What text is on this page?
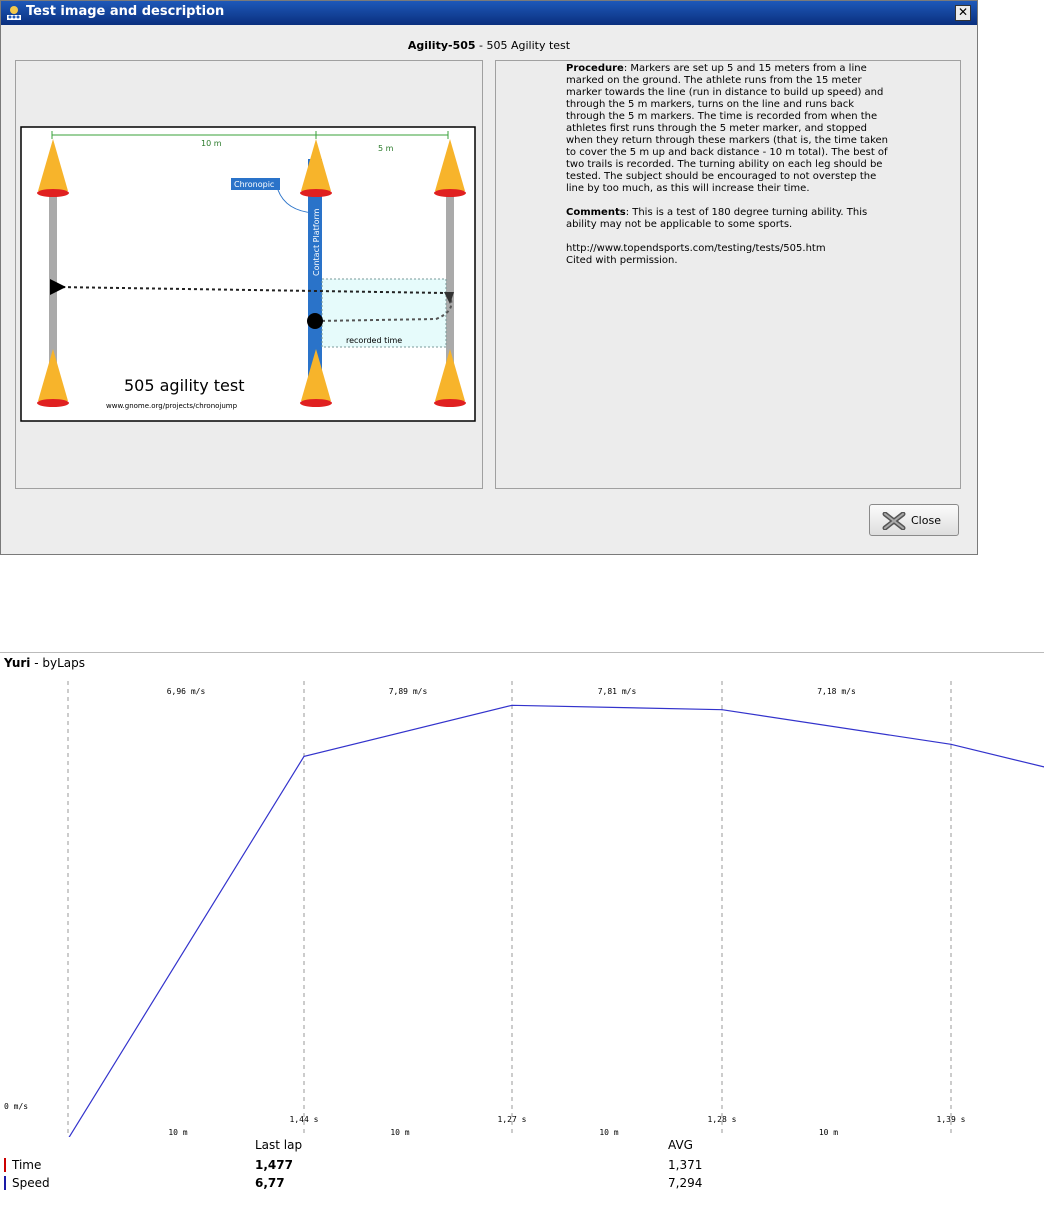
Test image and description	✕
Agility-505 - 505 Agility test
10 m
5 m
Contact Platform
recorded time
Chronopic
505 agility test
www.gnome.org/projects/chronojump

Procedure: Markers are set up 5 and 15 meters from a line marked on the ground. The athlete runs from the 15 meter marker towards the line (run in distance to build up speed) and through the 5 m markers, turns on the line and runs back through the 5 m markers. The time is recorded from when the athletes first runs through the 5 meter marker, and stopped when they return through these markers (that is, the time taken to cover the 5 m up and back distance - 10 m total). The best of two trails is recorded. The turning ability on each leg should be tested. The subject should be encouraged to not overstep the line by too much, as this will increase their time.

Comments: This is a test of 180 degree turning ability. This ability may not be applicable to some sports.

http://www.topendsports.com/testing/tests/505.htm
Cited with permission.

Close
6,96 m/s	7,89 m/s	7,81 m/s	7,18 m/s
1,44 s	1,27 s	1,28 s	1,39 s
10 m	10 m	10 m	10 m
0 m/s
Yuri - byLaps
Last lap	AVG
Time	1,477	1,371
Speed	6,77	7,294
